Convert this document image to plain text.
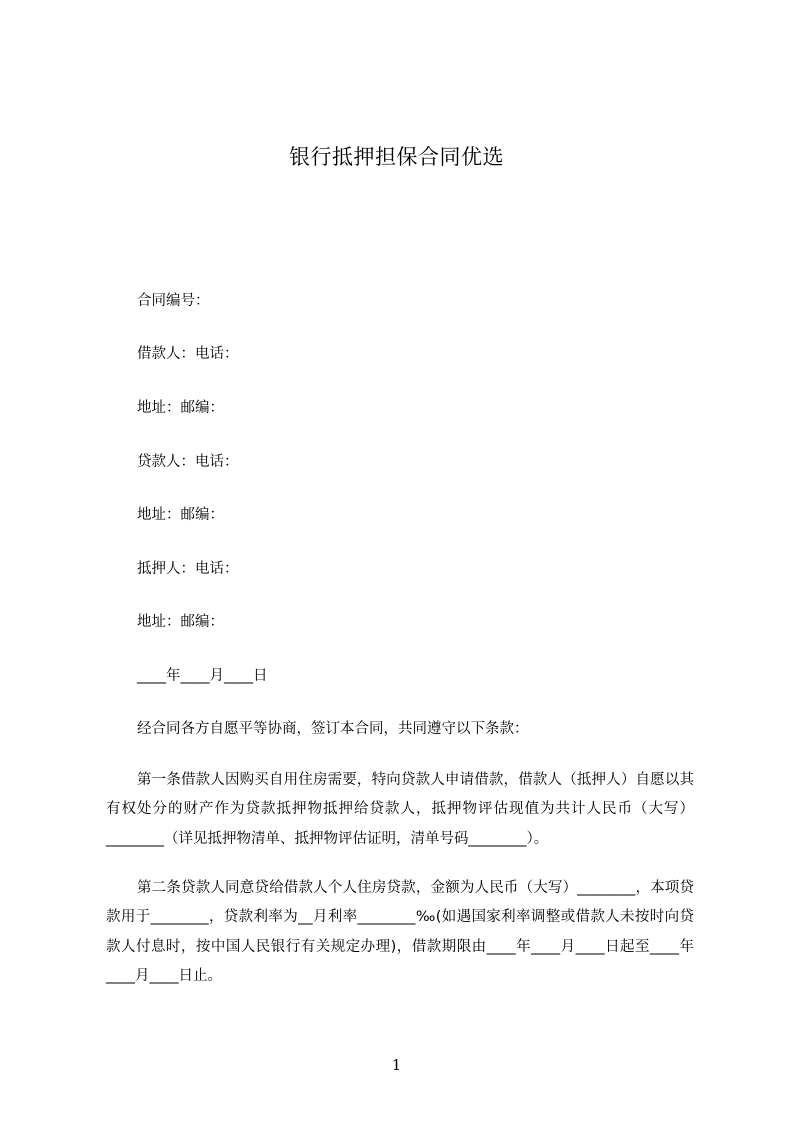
银行抵押担保合同优选
合同编号：
借款人：电话：
地址：邮编：
贷款人：电话：
地址：邮编：
抵押人：电话：
地址：邮编：
____年____月____日
经合同各方自愿平等协商，签订本合同，共同遵守以下条款：
第一条借款人因购买自用住房需要，特向贷款人申请借款，借款人（抵押人）自愿以其有权处分的财产作为贷款抵押物抵押给贷款人，抵押物评估现值为共计人民币（大写）________（详见抵押物清单、抵押物评估证明，清单号码________）。
第二条贷款人同意贷给借款人个人住房贷款，金额为人民币（大写）________，本项贷款用于________，贷款利率为__月利率________‰(如遇国家利率调整或借款人未按时向贷款人付息时，按中国人民银行有关规定办理)，借款期限由____年____月____日起至____年____月____日止。
1
